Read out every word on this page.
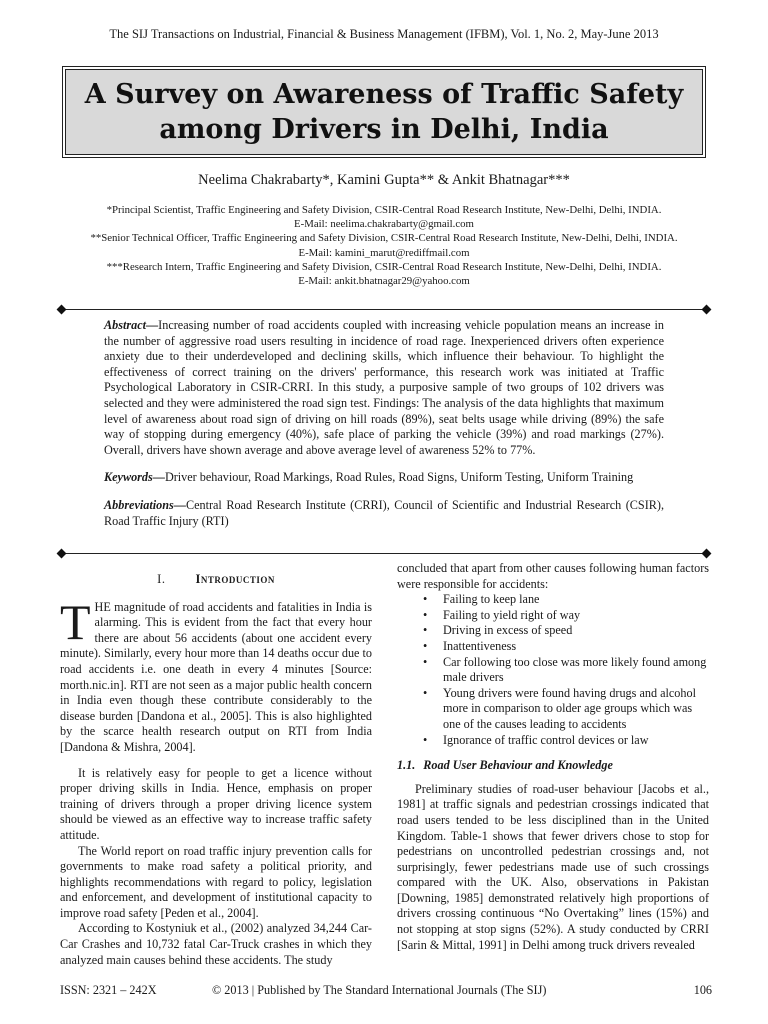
The SIJ Transactions on Industrial, Financial & Business Management (IFBM), Vol. 1, No. 2, May-June 2013
A Survey on Awareness of Traffic Safety
among Drivers in Delhi, India
Neelima Chakrabarty*, Kamini Gupta** & Ankit Bhatnagar***
*Principal Scientist, Traffic Engineering and Safety Division, CSIR-Central Road Research Institute, New-Delhi, Delhi, INDIA.
E-Mail: neelima.chakrabarty@gmail.com
**Senior Technical Officer, Traffic Engineering and Safety Division, CSIR-Central Road Research Institute, New-Delhi, Delhi, INDIA.
E-Mail: kamini_marut@rediffmail.com
***Research Intern, Traffic Engineering and Safety Division, CSIR-Central Road Research Institute, New-Delhi, Delhi, INDIA.
E-Mail: ankit.bhatnagar29@yahoo.com

Abstract—Increasing number of road accidents coupled with increasing vehicle population means an increase in the number of aggressive road users resulting in incidence of road rage. Inexperienced drivers often experience anxiety due to their underdeveloped and declining skills, which influence their behaviour. To highlight the effectiveness of correct training on the drivers' performance, this research work was initiated at Traffic Psychological Laboratory in CSIR-CRRI. In this study, a purposive sample of two groups of 102 drivers was selected and they were administered the road sign test. Findings: The analysis of the data highlights that maximum level of awareness about road sign of driving on hill roads (89%), seat belts usage while driving (89%) the safe way of stopping during emergency (40%), safe place of parking the vehicle (39%) and road markings (27%). Overall, drivers have shown average and above average level of awareness 52% to 77%.

Keywords—Driver behaviour, Road Markings, Road Rules, Road Signs, Uniform Testing, Uniform Training

Abbreviations—Central Road Research Institute (CRRI), Council of Scientific and Industrial Research (CSIR), Road Traffic Injury (RTI)

I. Introduction

THE magnitude of road accidents and fatalities in India is alarming. This is evident from the fact that every hour there are about 56 accidents (about one accident every minute). Similarly, every hour more than 14 deaths occur due to road accidents i.e. one death in every 4 minutes [Source: morth.nic.in]. RTI are not seen as a major public health concern in India even though these contribute considerably to the disease burden [Dandona et al., 2005]. This is also highlighted by the scarce health research output on RTI from India [Dandona & Mishra, 2004].

It is relatively easy for people to get a licence without proper driving skills in India. Hence, emphasis on proper training of drivers through a proper driving licence system should be viewed as an effective way to increase traffic safety attitude.

The World report on road traffic injury prevention calls for governments to make road safety a political priority, and highlights recommendations with regard to policy, legislation and enforcement, and development of institutional capacity to improve road safety [Peden et al., 2004].

According to Kostyniuk et al., (2002) analyzed 34,244 Car-Car Crashes and 10,732 fatal Car-Truck crashes in which they analyzed main causes behind these accidents. The study

concluded that apart from other causes following human factors were responsible for accidents:

• Failing to keep lane
• Failing to yield right of way
• Driving in excess of speed
• Inattentiveness
• Car following too close was more likely found among male drivers
• Young drivers were found having drugs and alcohol more in comparison to older age groups which was one of the causes leading to accidents
• Ignorance of traffic control devices or law
1.1. Road User Behaviour and Knowledge

Preliminary studies of road-user behaviour [Jacobs et al., 1981] at traffic signals and pedestrian crossings indicated that road users tended to be less disciplined than in the United Kingdom. Table-1 shows that fewer drivers chose to stop for pedestrians on uncontrolled pedestrian crossings and, not surprisingly, fewer pedestrians made use of such crossings compared with the UK. Also, observations in Pakistan [Downing, 1985] demonstrated relatively high proportions of drivers crossing continuous “No Overtaking” lines (15%) and not stopping at stop signs (52%). A study conducted by CRRI [Sarin & Mittal, 1991] in Delhi among truck drivers revealed

ISSN: 2321 – 242X	© 2013 | Published by The Standard International Journals (The SIJ)	106
